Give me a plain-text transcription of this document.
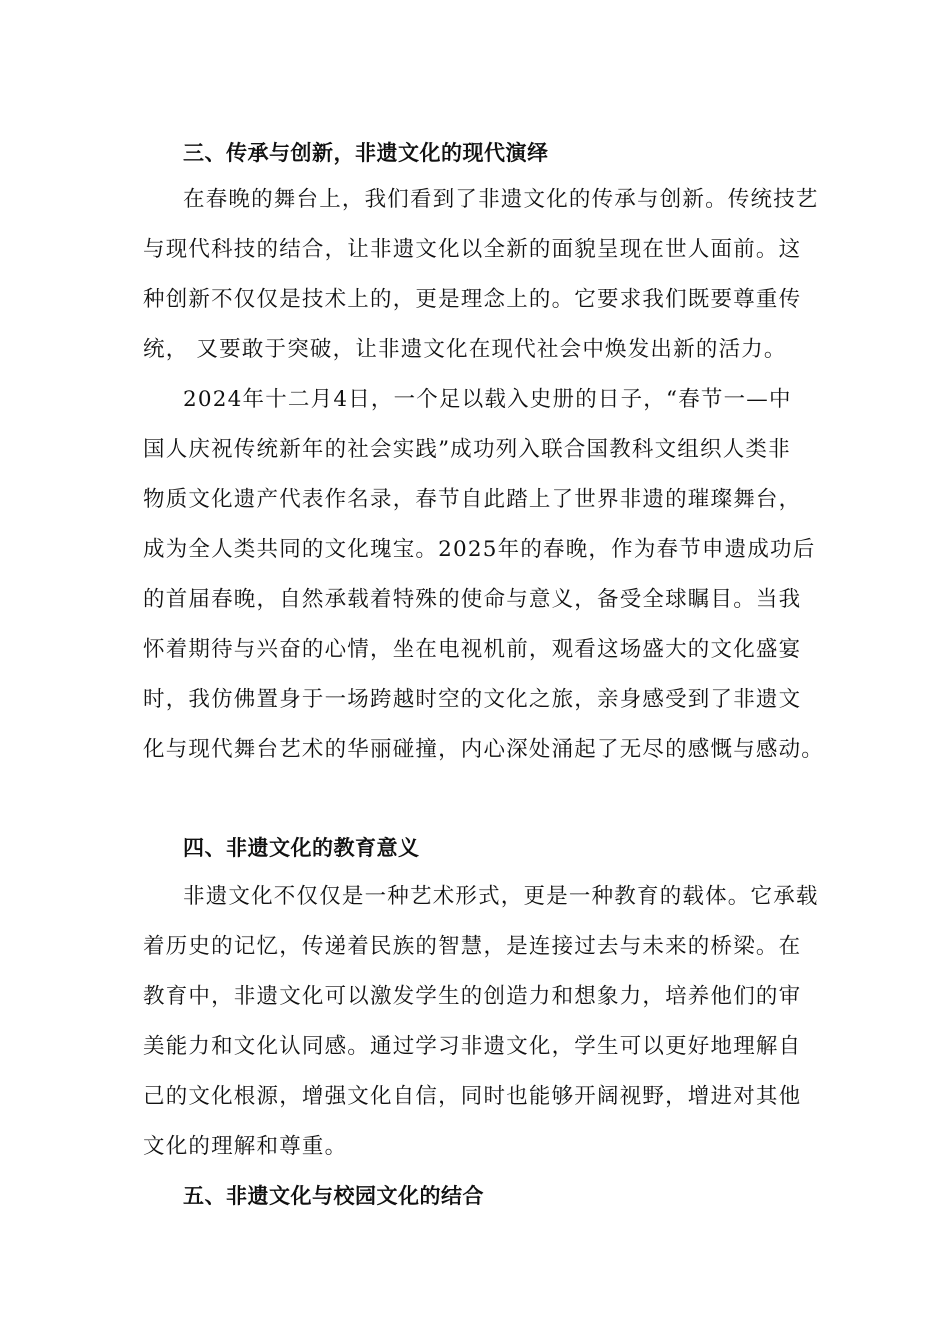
三、传承与创新，非遗文化的现代演绎
在春晚的舞台上，我们看到了非遗文化的传承与创新。传统技艺
与现代科技的结合，让非遗文化以全新的面貌呈现在世人面前。这
种创新不仅仅是技术上的，更是理念上的。它要求我们既要尊重传
统， 又要敢于突破，让非遗文化在现代社会中焕发出新的活力。
2024年十二月4日，一个足以载入史册的日子，“春节一—中
国人庆祝传统新年的社会实践”成功列入联合国教科文组织人类非
物质文化遗产代表作名录，春节自此踏上了世界非遗的璀璨舞台，
成为全人类共同的文化瑰宝。2025年的春晚，作为春节申遗成功后
的首届春晚，自然承载着特殊的使命与意义，备受全球瞩目。当我
怀着期待与兴奋的心情，坐在电视机前，观看这场盛大的文化盛宴
时，我仿佛置身于一场跨越时空的文化之旅，亲身感受到了非遗文
化与现代舞台艺术的华丽碰撞，内心深处涌起了无尽的感慨与感动。
四、非遗文化的教育意义
非遗文化不仅仅是一种艺术形式，更是一种教育的载体。它承载
着历史的记忆，传递着民族的智慧，是连接过去与未来的桥梁。在
教育中，非遗文化可以激发学生的创造力和想象力，培养他们的审
美能力和文化认同感。通过学习非遗文化，学生可以更好地理解自
己的文化根源，增强文化自信，同时也能够开阔视野，增进对其他
文化的理解和尊重。
五、非遗文化与校园文化的结合
